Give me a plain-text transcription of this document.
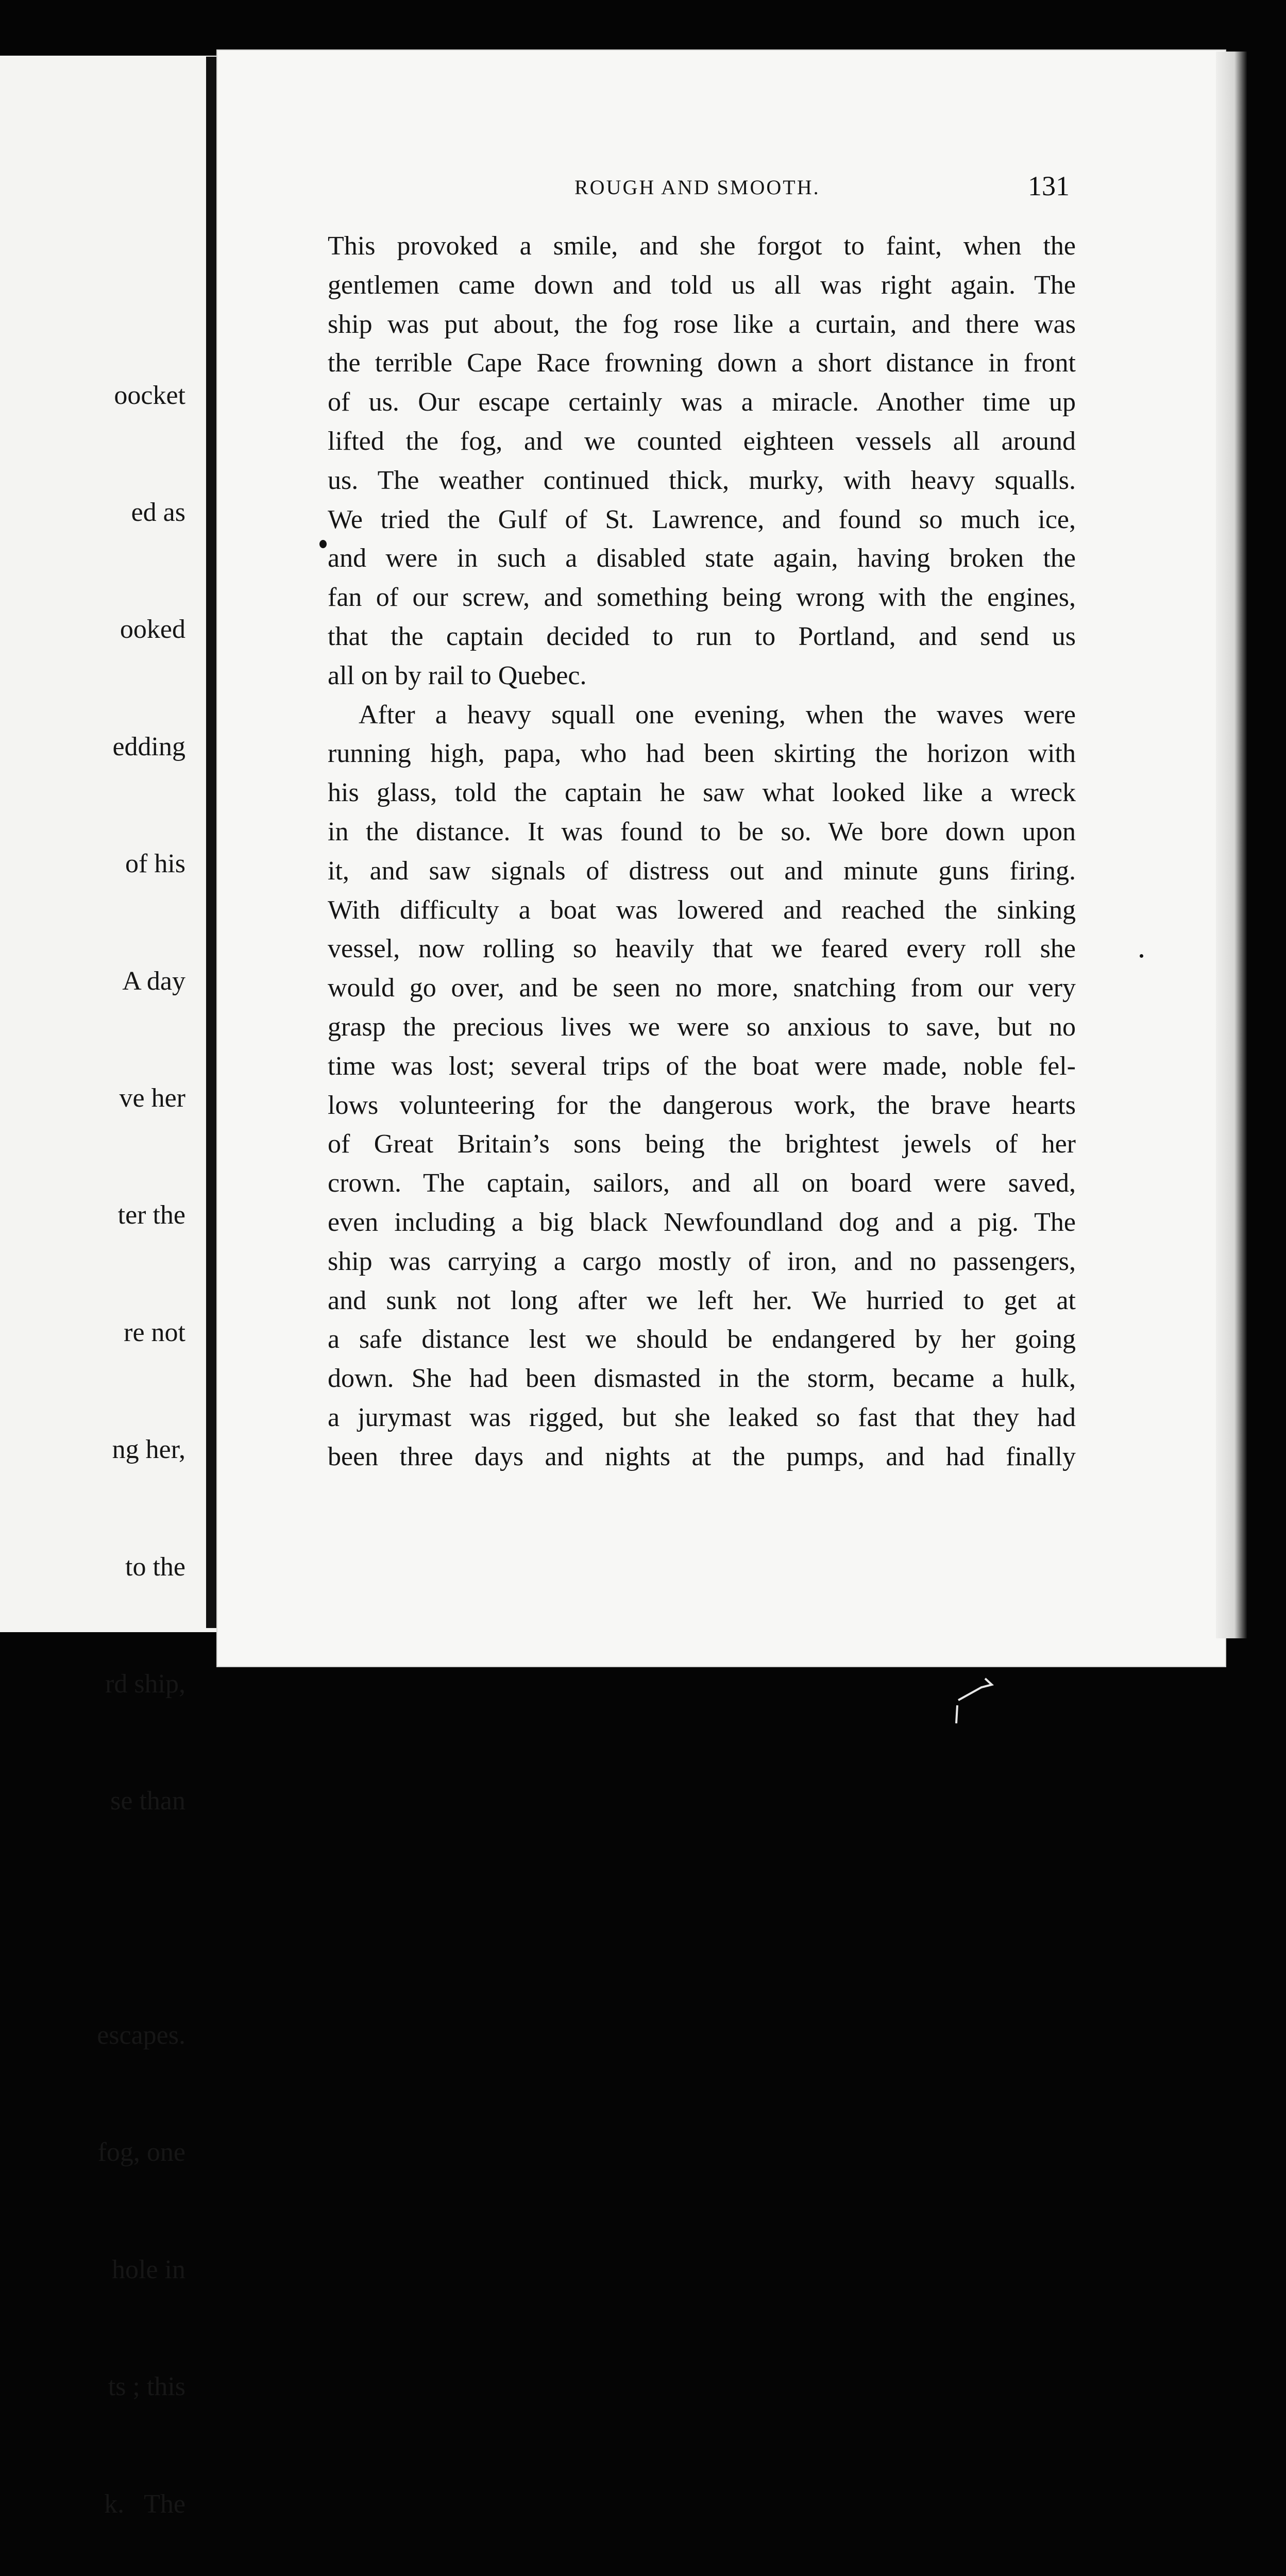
oocket

ed as

ooked

edding

of his

A day

ve her

ter the

re not

ng her,

to the

rd ship,

se than

escapes.

fog, one

hole in

ts ; this

k.   The

ROUGH AND SMOOTH.	131
This provoked a smile, and she forgot to faint, when the
gentlemen came down and told us all was right again. The
ship was put about, the fog rose like a curtain, and there was
the terrible Cape Race frowning down a short distance in front
of us. Our escape certainly was a miracle. Another time up
lifted the fog, and we counted eighteen vessels all around
us. The weather continued thick, murky, with heavy squalls.
We tried the Gulf of St. Lawrence, and found so much ice,
and were in such a disabled state again, having broken the
fan of our screw, and something being wrong with the engines,
that the captain decided to run to Portland, and send us
all on by rail to Quebec.
After a heavy squall one evening, when the waves were
running high, papa, who had been skirting the horizon with
his glass, told the captain he saw what looked like a wreck
in the distance. It was found to be so. We bore down upon
it, and saw signals of distress out and minute guns firing.
With difficulty a boat was lowered and reached the sinking
vessel, now rolling so heavily that we feared every roll she
would go over, and be seen no more, snatching from our very
grasp the precious lives we were so anxious to save, but no
time was lost; several trips of the boat were made, noble fel-
lows volunteering for the dangerous work, the brave hearts
of Great Britain’s sons being the brightest jewels of her
crown. The captain, sailors, and all on board were saved,
even including a big black Newfoundland dog and a pig. The
ship was carrying a cargo mostly of iron, and no passengers,
and sunk not long after we left her. We hurried to get at
a safe distance lest we should be endangered by her going
down. She had been dismasted in the storm, became a hulk,
a jurymast was rigged, but she leaked so fast that they had
been three days and nights at the pumps, and had finally
